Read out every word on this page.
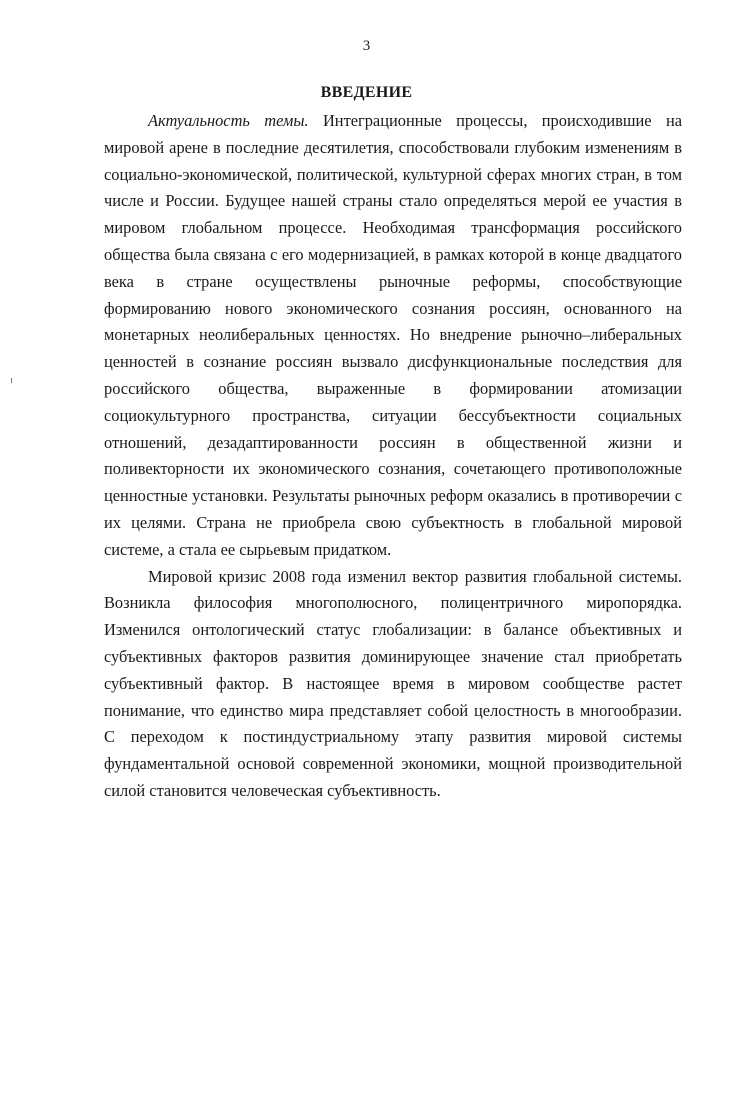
3
ВВЕДЕНИЕ

Актуальность темы. Интеграционные процессы, происходившие на мировой арене в последние десятилетия, способствовали глубоким изменениям в социально-экономической, политической, культурной сферах многих стран, в том числе и России. Будущее нашей страны стало определяться мерой ее участия в мировом глобальном процессе. Необходимая трансформация российского общества была связана с его модернизацией, в рамках которой в конце двадцатого века в стране осуществлены рыночные реформы, способствующие формированию нового экономического сознания россиян, основанного на монетарных неолиберальных ценностях. Но внедрение рыночно–либеральных ценностей в сознание россиян вызвало дисфункциональные последствия для российского общества, выраженные в формировании атомизации социокультурного пространства, ситуации бессубъектности социальных отношений, дезадаптированности россиян в общественной жизни и поливекторности их экономического сознания, сочетающего противоположные ценностные установки. Результаты рыночных реформ оказались в противоречии с их целями. Страна не приобрела свою субъектность в глобальной мировой системе, а стала ее сырьевым придатком.

Мировой кризис 2008 года изменил вектор развития глобальной системы. Возникла философия многополюсного, полицентричного миропорядка. Изменился онтологический статус глобализации: в балансе объективных и субъективных факторов развития доминирующее значение стал приобретать субъективный фактор. В настоящее время в мировом сообществе растет понимание, что единство мира представляет собой целостность в многообразии. С переходом к постиндустриальному этапу развития мировой системы фундаментальной основой современной экономики, мощной производительной силой становится человеческая субъективность.
